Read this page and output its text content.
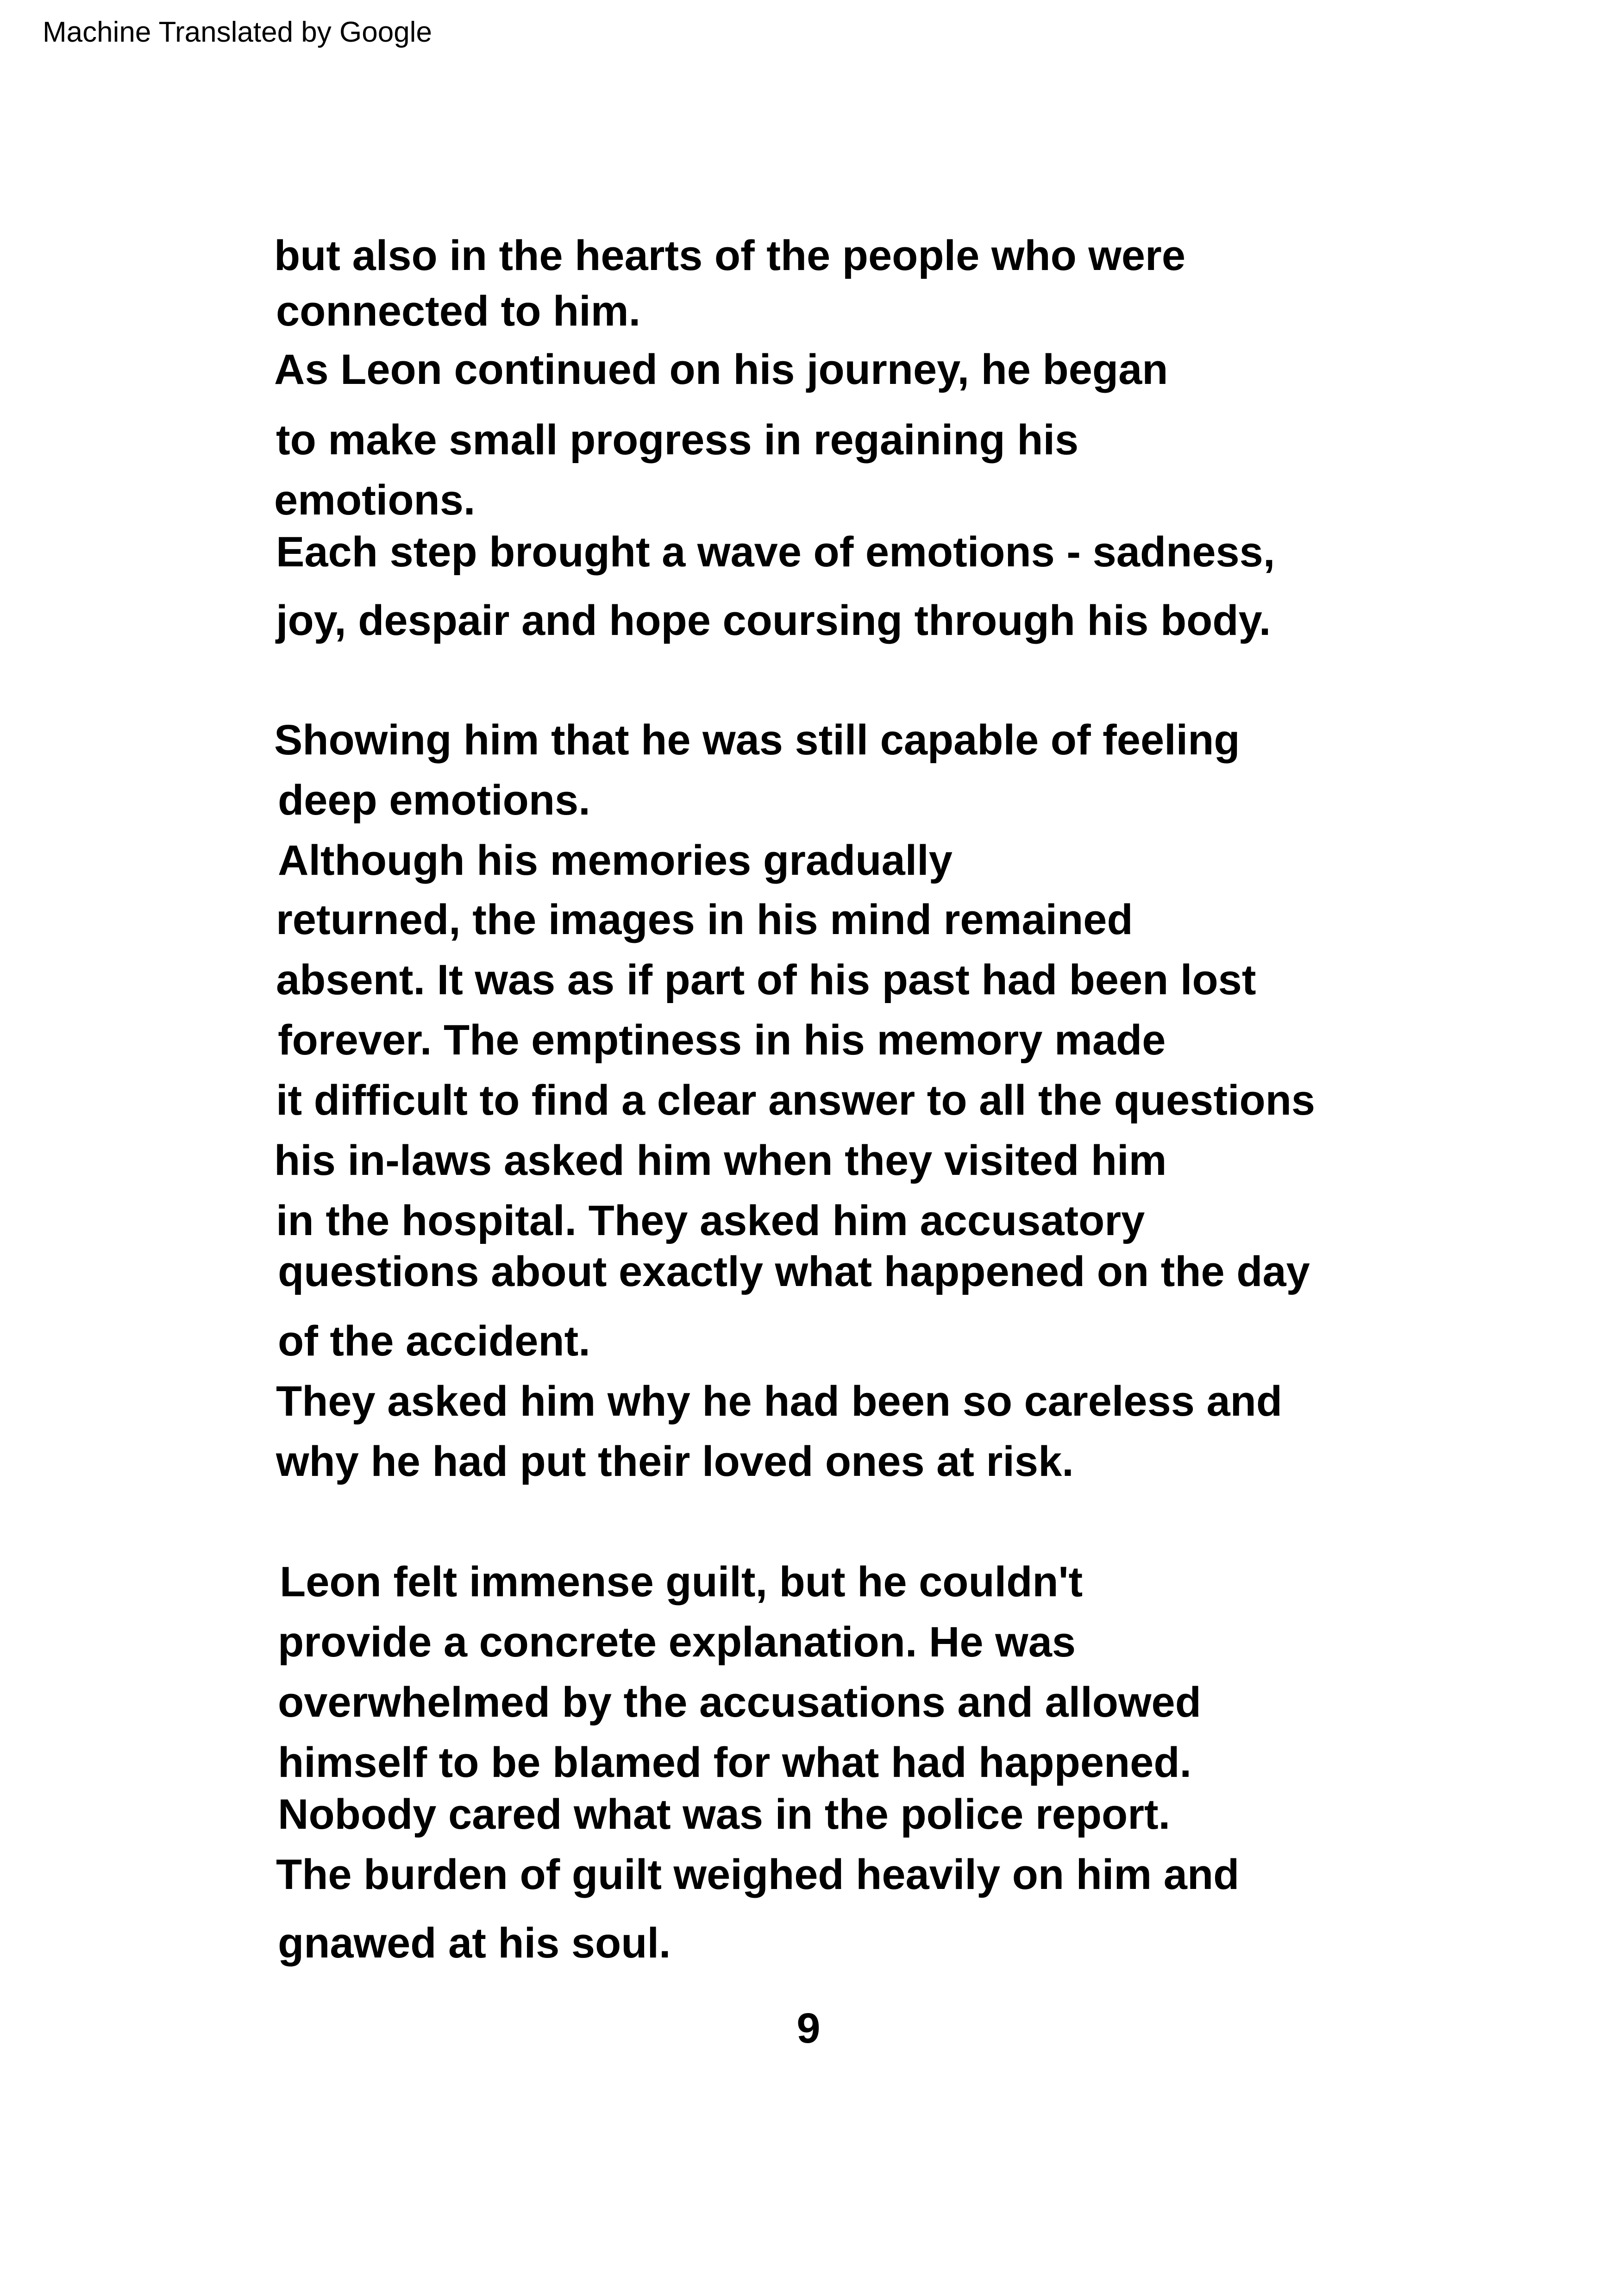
Machine Translated by Google
but also in the hearts of the people who were
connected to him.
As Leon continued on his journey, he began
to make small progress in regaining his
emotions.
Each step brought a wave of emotions - sadness,
joy, despair and hope coursing through his body.
Showing him that he was still capable of feeling
deep emotions.
Although his memories gradually
returned, the images in his mind remained
absent. It was as if part of his past had been lost
forever. The emptiness in his memory made
it difficult to find a clear answer to all the questions
his in-laws asked him when they visited him
in the hospital. They asked him accusatory
questions about exactly what happened on the day
of the accident.
They asked him why he had been so careless and
why he had put their loved ones at risk.
Leon felt immense guilt, but he couldn't
provide a concrete explanation. He was
overwhelmed by the accusations and allowed
himself to be blamed for what had happened.
Nobody cared what was in the police report.
The burden of guilt weighed heavily on him and
gnawed at his soul.
9
